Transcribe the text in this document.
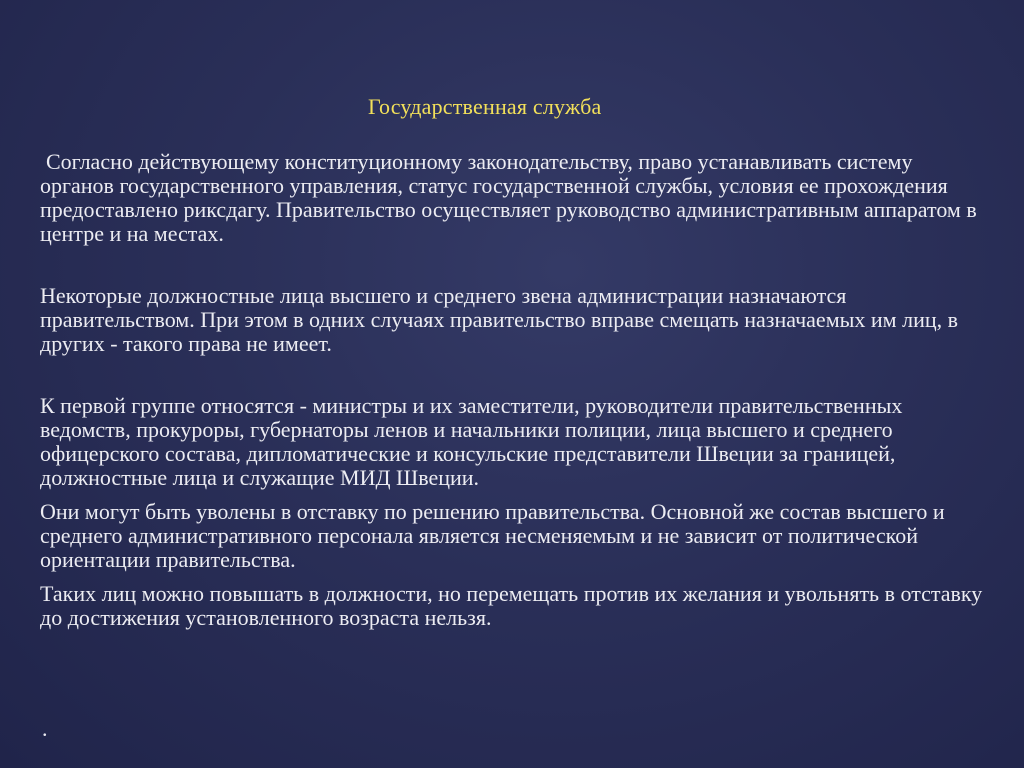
Государственная служба

Согласно действующему конституционному законодательству, право устанавливать систему органов государственного управления, статус государственной службы, условия ее прохождения предоставлено риксдагу. Правительство осуществляет руководство административным аппаратом в центре и на местах.

Некоторые должностные лица высшего и среднего звена администрации назначаются правительством. При этом в одних случаях правительство вправе смещать назначаемых им лиц, в других - такого права не имеет.

К первой группе относятся - министры и их заместители, руководители правительственных ведомств, прокуроры, губернаторы ленов и начальники полиции, лица высшего и среднего офицерского состава, дипломатические и консульские представители Швеции за границей, должностные лица и служащие МИД Швеции.

Они могут быть уволены в отставку по решению правительства. Основной же состав высшего и среднего административного персонала является несменяемым и не зависит от политической ориентации правительства.

Таких лиц можно повышать в должности, но перемещать против их желания и увольнять в отставку до достижения установленного возраста нельзя.

.
